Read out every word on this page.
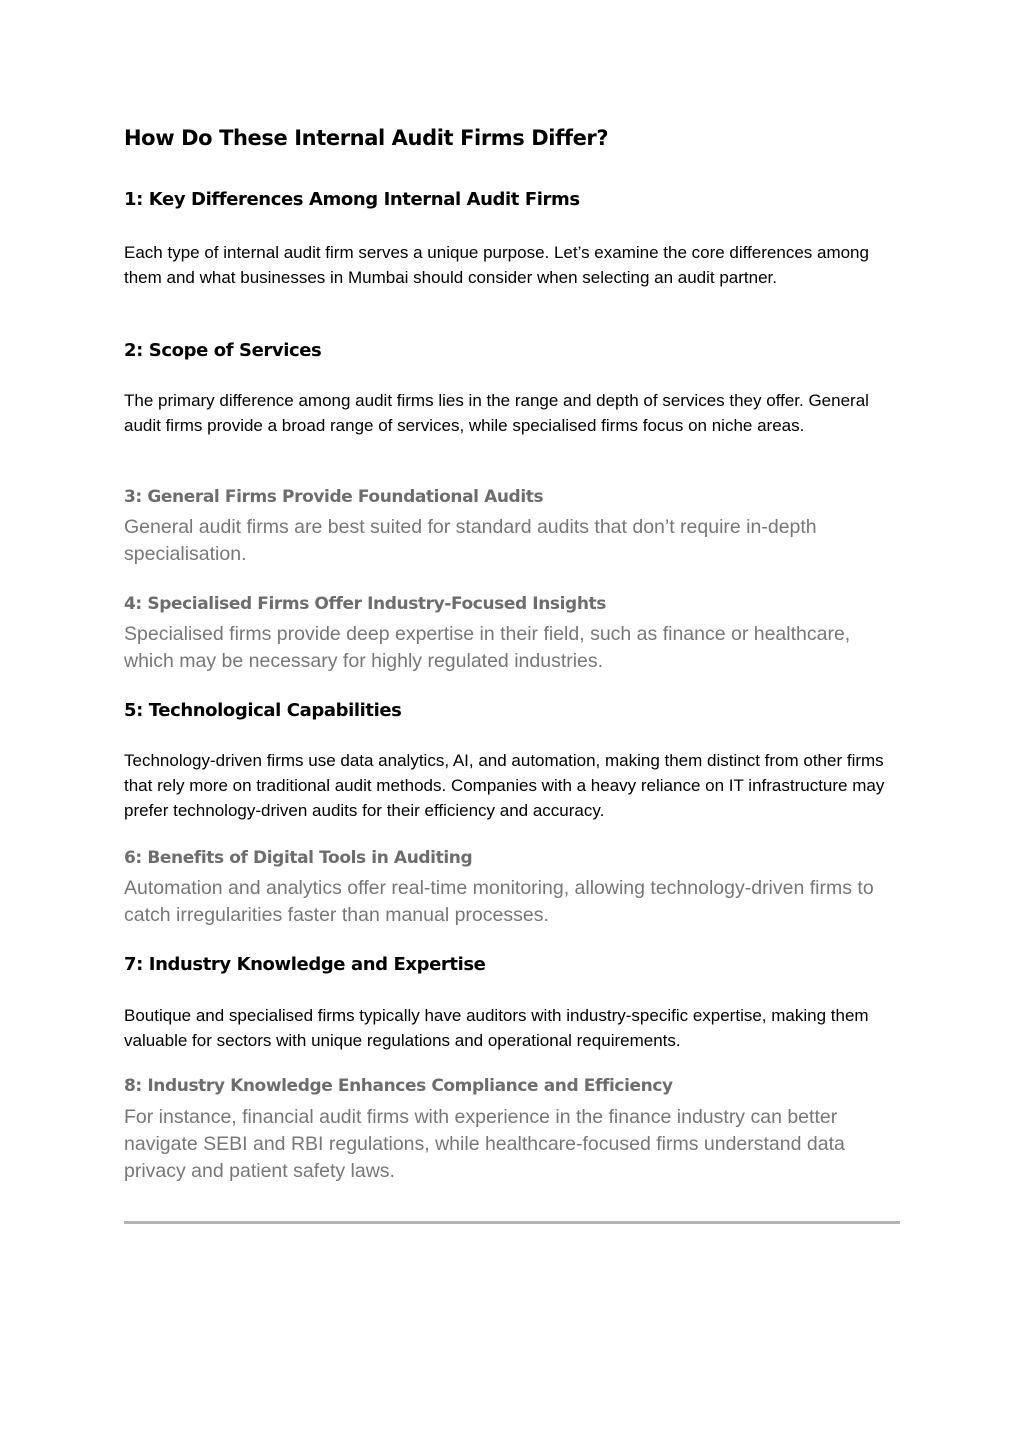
How Do These Internal Audit Firms Differ?
1: Key Differences Among Internal Audit Firms

Each type of internal audit firm serves a unique purpose. Let’s examine the core differences among them and what businesses in Mumbai should consider when selecting an audit partner.

2: Scope of Services

The primary difference among audit firms lies in the range and depth of services they offer. General audit firms provide a broad range of services, while specialised firms focus on niche areas.

3: General Firms Provide Foundational Audits

General audit firms are best suited for standard audits that don’t require in-depth specialisation.

4: Specialised Firms Offer Industry-Focused Insights

Specialised firms provide deep expertise in their field, such as finance or healthcare, which may be necessary for highly regulated industries.

5: Technological Capabilities

Technology-driven firms use data analytics, AI, and automation, making them distinct from other firms that rely more on traditional audit methods. Companies with a heavy reliance on IT infrastructure may prefer technology-driven audits for their efficiency and accuracy.

6: Benefits of Digital Tools in Auditing

Automation and analytics offer real-time monitoring, allowing technology-driven firms to catch irregularities faster than manual processes.

7: Industry Knowledge and Expertise

Boutique and specialised firms typically have auditors with industry-specific expertise, making them valuable for sectors with unique regulations and operational requirements.

8: Industry Knowledge Enhances Compliance and Efficiency

For instance, financial audit firms with experience in the finance industry can better navigate SEBI and RBI regulations, while healthcare-focused firms understand data privacy and patient safety laws.
